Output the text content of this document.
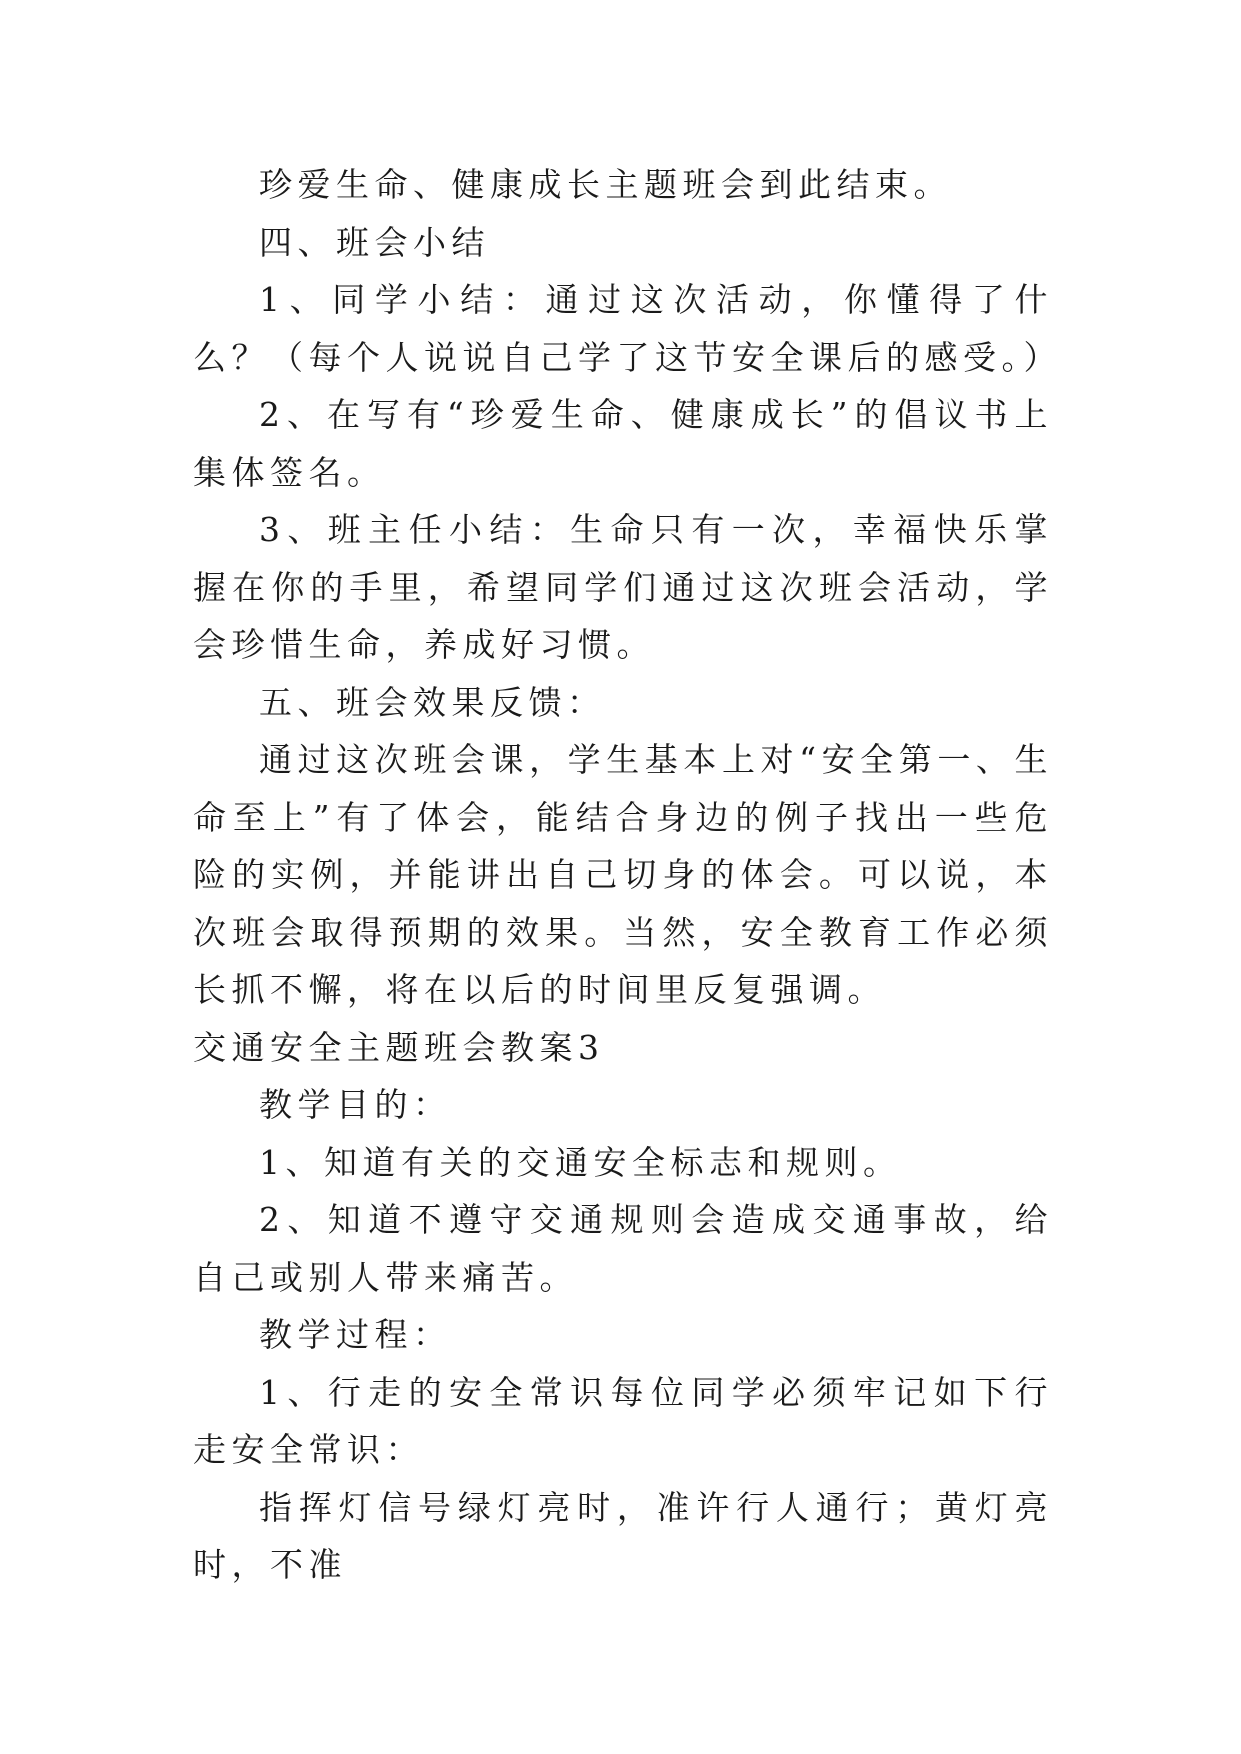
珍爱生命、健康成长主题班会到此结束。

四、班会小结

1、同学小结：通过这次活动，你懂得了什么？（每个人说说自己学了这节安全课后的感受。）

2、在写有“珍爱生命、健康成长”的倡议书上集体签名。

3、班主任小结：生命只有一次，幸福快乐掌握在你的手里，希望同学们通过这次班会活动，学会珍惜生命，养成好习惯。

五、班会效果反馈：

通过这次班会课，学生基本上对“安全第一、生命至上”有了体会，能结合身边的例子找出一些危险的实例，并能讲出自己切身的体会。可以说，本次班会取得预期的效果。当然，安全教育工作必须长抓不懈，将在以后的时间里反复强调。

交通安全主题班会教案3

教学目的：

1、知道有关的交通安全标志和规则。

2、知道不遵守交通规则会造成交通事故，给自己或别人带来痛苦。

教学过程：

1、行走的安全常识每位同学必须牢记如下行走安全常识：

指挥灯信号绿灯亮时，准许行人通行；黄灯亮时，不准
